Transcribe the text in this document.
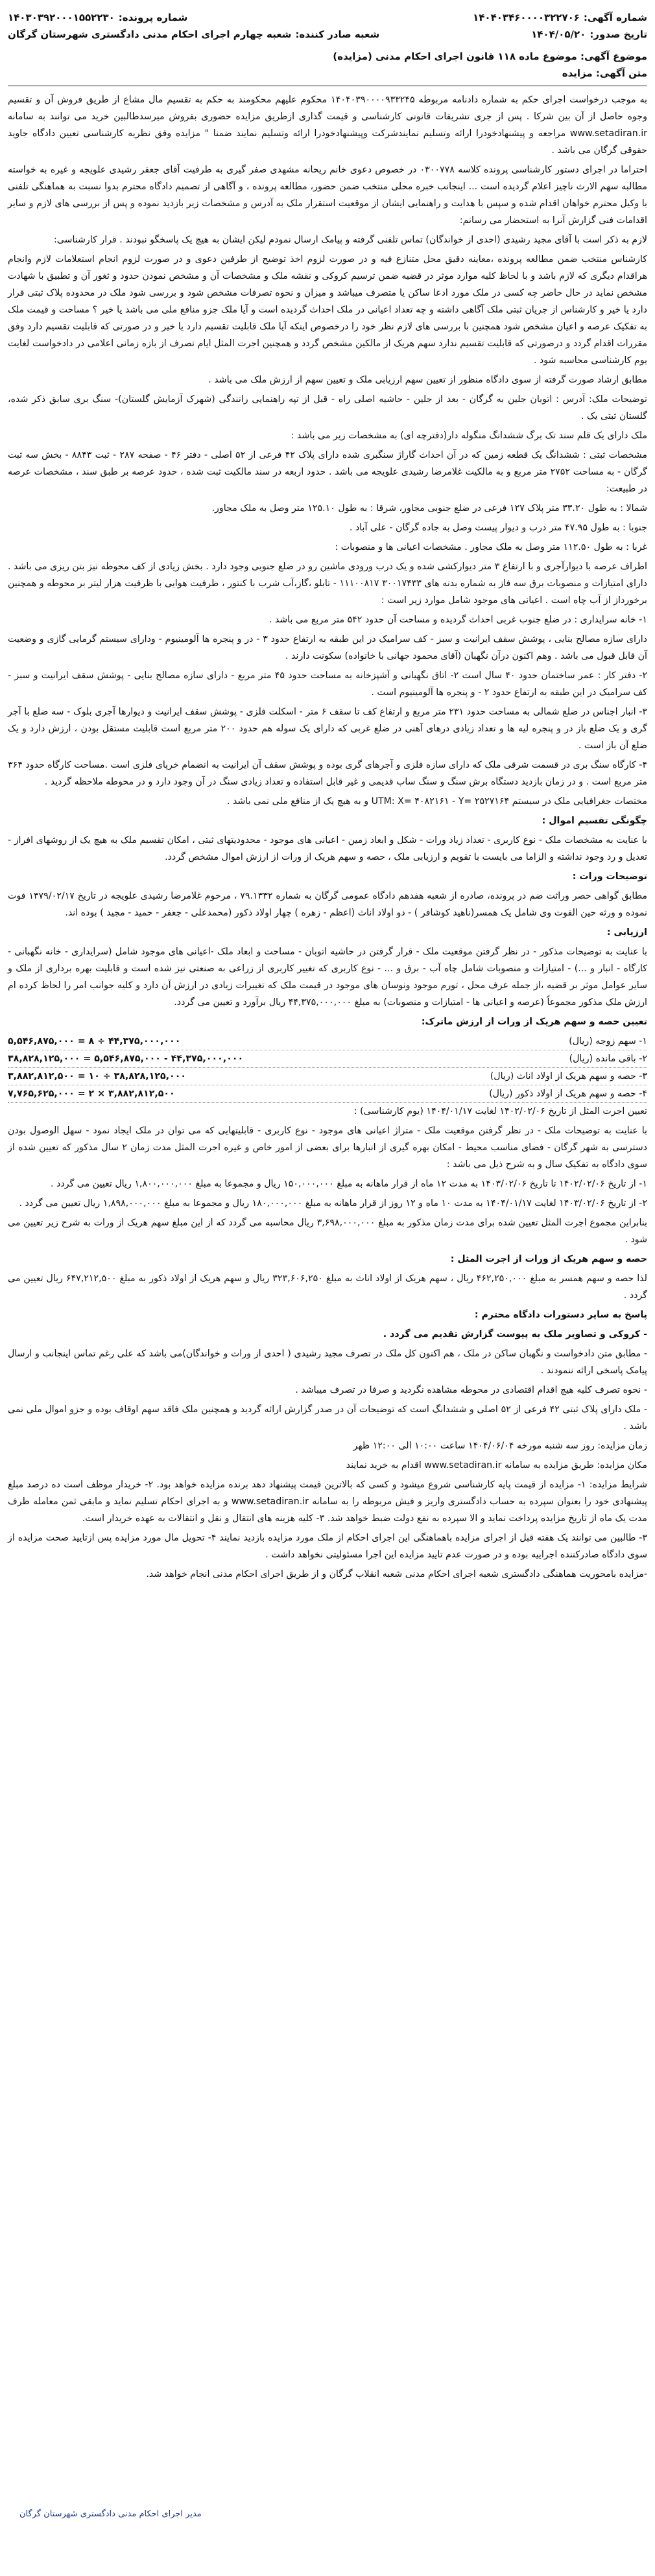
شماره آگهی:
۱۴۰۴۰۳۴۶۰۰۰۰۳۲۲۷۰۶
شماره پرونده:
۱۴۰۳۰۳۹۲۰۰۰۱۵۵۲۲۳۰
تاریخ صدور:
۱۴۰۴/۰۵/۲۰
شعبه صادر کننده:
شعبه چهارم اجرای احکام مدنی دادگستری شهرستان گرگان
موضوع آگهی: موضوع ماده ۱۱۸ قانون اجرای احکام مدنی (مزایده)
متن آگهی: مزایده

به موجب درخواست اجرای حکم به شماره دادنامه مربوطه ۱۴۰۴۰۳۹۰۰۰۰۹۳۳۲۴۵ محکوم علیهم محکومند به حکم به تقسیم مال مشاع از طریق فروش آن و تقسیم وجوه حاصل از آن بین شرکا . پس از جری تشریفات قانونی کارشناسی و قیمت گذاری ازطریق مزایده حضوری بفروش میرسدطالبین خرید می توانند به سامانه www.setadiran.ir مراجعه و پیشنهادخودرا ارائه وتسلیم نمایندشرکت وپیشنهادخودرا ارائه وتسلیم نمایند ضمنا " مزایده وفق نظریه کارشناسی تعیین دادگاه جاوید حقوقی گرگان می باشد .

احتراما در اجرای دستور کارشناسی پرونده کلاسه ۰۳۰۰۷۷۸ در خصوص دعوی خانم ریحانه مشهدی صفر گیری به طرفیت آقای جعفر رشیدی علویجه و غیره به خواسته مطالبه سهم الارث ناچیز اعلام گردیده است ... اینجانب خبره محلی منتخب ضمن حضور، مطالعه پرونده ، و آگاهی از تصمیم دادگاه محترم بدوا نسبت به هماهنگی تلفنی با وکیل محترم خواهان اقدام شده و سپس با هدایت و راهنمایی ایشان از موقعیت استقرار ملک به آدرس و مشخصات زیر بازدید نموده و پس از بررسی های لازم و سایر اقدامات فنی گزارش آنرا به استحضار می رسانم:

لازم به ذکر است با آقای مجید رشیدی (احدی از خواندگان) تماس تلفنی گرفته و پیامک ارسال نمودم لیکن ایشان به هیچ یک پاسخگو نبودند . قرار کارشناسی:

کارشناس منتخب ضمن مطالعه پرونده ،معاینه دقیق محل متنازع فیه و در صورت لزوم اخذ توضیح از طرفین دعوی و در صورت لزوم انجام استعلامات لازم وانجام هراقدام دیگری که لازم باشد و با لحاظ کلیه موارد موثر در قضیه ضمن ترسیم کروکی و نقشه ملک و مشخصات آن و مشخص نمودن حدود و ثغور آن و تطبیق با شهادت مشخص نماید در حال حاضر چه کسی در ملک مورد ادعا ساکن یا متصرف میباشد و میزان و نحوه تصرفات مشخص شود و بررسی شود ملک در محدوده پلاک ثبتی قرار دارد یا خیر و کارشناس از جریان ثبتی ملک آگاهی داشته و چه تعداد اعیانی در ملک احداث گردیده است و آیا ملک جزو منافع ملی می باشد یا خیر ؟ مساحت و قیمت ملک به تفکیک عرصه و اعیان مشخص شود همچنین با بررسی های لازم نظر خود را درخصوص اینکه آیا ملک قابلیت تقسیم دارد یا خیر و در صورتی که قابلیت تقسیم دارد وفق مقررات اقدام گردد و درصورتی که قابلیت تقسیم ندارد سهم هریک از مالکین مشخص گردد و همچنین اجرت المثل ایام تصرف از بازه زمانی اعلامی در دادخواست لغایت یوم کارشناسی محاسبه شود .

مطابق ارشاد صورت گرفته از سوی دادگاه منظور از تعیین سهم ارزیابی ملک و تعیین سهم از ارزش ملک می باشد .

توضیحات ملک: آدرس : اتوبان جلین به گرگان - بعد از جلین - حاشیه اصلی راه - قبل از تپه راهنمایی رانندگی (شهرک آزمایش گلستان)- سنگ بری سابق ذکر شده، گلستان ثبتی یک .

ملک دارای یک قلم سند تک برگ ششدانگ منگوله دار(دفترچه ای) به مشخصات زیر می باشد :

مشخصات ثبتی : ششدانگ یک قطعه زمین که در آن احداث گاراژ سنگبری شده دارای پلاک ۴۲ فرعی از ۵۲ اصلی - دفتر ۴۶ - صفحه ۲۸۷ - ثبت ۸۸۴۳ - بخش سه ثبت گرگان - به مساحت ۲۷۵۲ متر مربع و به مالکیت غلامرضا رشیدی علویجه می باشد . حدود اربعه در سند مالکیت ثبت شده ، حدود عرصه بر طبق سند ، مشخصات عرصه در طبیعت:

شمالا : به طول ۳۳.۲۰ متر پلاک ۱۲۷ فرعی در ضلع جنوبی مجاور، شرقا : به طول ۱۲۵.۱۰ متر وصل به ملک مجاور.

جنوبا : به طول ۴۷.۹۵ متر درب و دیوار پیست وصل به جاده گرگان - علی آباد .

غربا : به طول ۱۱۲.۵۰ متر وصل به ملک مجاور . مشخصات اعیانی ها و منصوبات :

اطراف عرصه با دیوارآجری و با ارتفاع ۳ متر دیوارکشی شده و یک درب ورودی ماشین رو در ضلع جنوبی وجود دارد . بخش زیادی از کف محوطه نیز بتن ریزی می باشد . دارای امتیازات و منصوبات برق سه فاز به شماره بدنه های ۳۰۰۱۷۴۳۳ ۱۱۱۰۰۸۱۷ - تابلو ،گاز،آب شرب با کنتور ، ظرفیت هوایی با ظرفیت هزار لیتر بر محوطه و همچنین برخورداز از آب چاه است . اعیانی های موجود شامل موارد زیر است :

۱- خانه سرایداری : در ضلع جنوب غربی احداث گردیده و مساحت آن حدود ۵۴۲ متر مربع می باشد .

دارای سازه مصالح بنایی ، پوشش سقف ایرانیت و سبز - کف سرامیک در این طبقه به ارتفاع حدود ۳ - در و پنجره ها آلومینیوم - ودارای سیستم گرمایی گازی و وضعیت آن قابل قبول می باشد . وهم اکنون درآن نگهبان (آقای محمود جهانی با خانواده) سکونت دارند .

۲- دفتر کار : عمر ساختمان حدود ۴۰ سال است ۲- اتاق نگهبانی و آشپزخانه به مساحت حدود ۴۵ متر مربع - دارای سازه مصالح بنایی - پوشش سقف ایرانیت و سبز - کف سرامیک در این طبقه به ارتفاع حدود ۲ - و پنجره ها آلومینیوم است .

۳- انبار اجناس در ضلع شمالی به مساحت حدود ۲۳۱ متر مربع و ارتفاع کف تا سقف ۶ متر - اسکلت فلزی - پوشش سقف ایرانیت و دیوارها آجری بلوک - سه ضلع با آجر گری و یک ضلع باز در و پنجره لیه ها و تعداد زیادی درهای آهنی در ضلع غربی که دارای یک سوله هم حدود ۲۰۰ متر مربع است قابلیت مستقل بودن ، ارزش دارد و یک ضلع آن باز است .

۴- کارگاه سنگ بری در قسمت شرقی ملک که دارای سازه فلزی و آجرهای گری بوده و پوشش سقف آن ایرانیت به انضمام خرپای فلزی است .مساحت کارگاه حدود ۳۶۴ متر مربع است . و در زمان بازدید دستگاه برش سنگ و سنگ ساب قدیمی و غیر قابل استفاده و تعداد زیادی سنگ در آن وجود دارد و در محوطه ملاحظه گردید .

مختصات جغرافیایی ملک در سیستم UTM: X= ۴۰۸۲۱۶۱ - Y= ۲۵۲۷۱۶۴ و به هیچ یک از منافع ملی نمی باشد .

چگونگی تقسیم اموال :

با عنایت به مشخصات ملک - نوع کاربری - تعداد زیاد ورات - شکل و ابعاد زمین - اعیانی های موجود - محدودیتهای ثبتی ، امکان تقسیم ملک به هیچ یک از روشهای افراز - تعدیل و رد وجود نداشته و الزاما می بایست با تقویم و ارزیابی ملک ، حصه و سهم هریک از ورات از ارزش اموال مشخص گردد.

توضیحات ورات :

مطابق گواهی حصر وراثت ضم در پرونده، صادره از شعبه هفدهم دادگاه عمومی گرگان به شماره ۷۹.۱۳۳۲ ، مرحوم غلامرضا رشیدی علویجه در تاریخ ۱۳۷۹/۰۲/۱۷ فوت نموده و ورثه حین الفوت وی شامل یک همسر(ناهید کوشافر ) - دو اولاد اناث (اعظم - زهره ) چهار اولاد ذکور (محمدعلی - جعفر - حمید - مجید ) بوده اند.

ارزیابی :

با عنایت به توضیحات مذکور - در نظر گرفتن موقعیت ملک - قرار گرفتن در حاشیه اتوبان - مساحت و ابعاد ملک -اعیانی های موجود شامل (سرایداری - خانه نگهبانی - کارگاه - انبار و ...) - امتیازات و منصوبات شامل چاه آب - برق و ... - نوع کاربری که تغییر کاربری از زراعی به صنعتی نیز شده است و قابلیت بهره برداری از ملک و سایر عوامل موثر بر قضیه ،از جمله عرف محل ، تورم موجود ونوسان های موجود در قیمت ملک که تغییرات زیادی در ارزش آن دارد و کلیه جوانب امر را لحاظ کرده ام ارزش ملک مذکور مجموعاً (عرصه و اعیانی ها - امتیازات و منصوبات) به مبلغ ۴۴,۳۷۵,۰۰۰,۰۰۰ ریال برآورد و تعیین می گردد.

تعیین حصه و سهم هریک از ورات از ارزش ماترک:

۱- سهم زوجه (ریال)
۵,۵۴۶,۸۷۵,۰۰۰ = ۸ ÷ ۴۴,۳۷۵,۰۰۰,۰۰۰
۲- باقی مانده (ریال)
۳۸,۸۲۸,۱۲۵,۰۰۰ = ۵,۵۴۶,۸۷۵,۰۰۰ - ۴۴,۳۷۵,۰۰۰,۰۰۰
۳- حصه و سهم هریک از اولاد اناث (ریال)
۳,۸۸۲,۸۱۲,۵۰۰ = ۱۰ ÷ ۳۸,۸۲۸,۱۲۵,۰۰۰
۴- حصه و سهم هریک از اولاد ذکور (ریال)
۷,۷۶۵,۶۲۵,۰۰۰ = ۲ × ۳,۸۸۲,۸۱۲,۵۰۰

تعیین اجرت المثل از تاریخ ۱۴۰۲/۰۲/۰۶ لغایت ۱۴۰۴/۰۱/۱۷ (یوم کارشناسی) :

با عنایت به توضیحات ملک - در نظر گرفتن موقعیت ملک - متراژ اعیانی های موجود - نوع کاربری - قابلیتهایی که می توان در ملک ایجاد نمود - سهل الوصول بودن دسترسی به شهر گرگان - فضای مناسب محیط - امکان بهره گیری از انبارها برای بعضی از امور خاص و غیره اجرت المثل مدت زمان ۲ سال مذکور که تعیین شده از سوی دادگاه به تفکیک سال و به شرح ذیل می باشد :

۱- از تاریخ ۱۴۰۲/۰۲/۰۶ تا تاریخ ۱۴۰۳/۰۲/۰۶ به مدت ۱۲ ماه از قرار ماهانه به مبلغ ۱۵۰,۰۰۰,۰۰۰ ریال و مجموعا به مبلغ ۱,۸۰۰,۰۰۰,۰۰۰ ریال تعیین می گردد .

۲- از تاریخ ۱۴۰۳/۰۲/۰۶ لغایت ۱۴۰۴/۰۱/۱۷ به مدت ۱۰ ماه و ۱۲ روز از قرار ماهانه به مبلغ ۱۸۰,۰۰۰,۰۰۰ ریال و مجموعا به مبلغ ۱,۸۹۸,۰۰۰,۰۰۰ ریال تعیین می گردد .

بنابراین مجموع اجرت المثل تعیین شده برای مدت زمان مذکور به مبلغ ۳,۶۹۸,۰۰۰,۰۰۰ ریال محاسبه می گردد که از این مبلغ سهم هریک از ورات به شرح زیر تعیین می شود .

حصه و سهم هریک از ورات از اجرت المثل :

لذا حصه و سهم همسر به مبلغ ۴۶۲,۲۵۰,۰۰۰ ریال ، سهم هریک از اولاد اناث به مبلغ ۳۲۳,۶۰۶,۲۵۰ ریال و سهم هریک از اولاد ذکور به مبلغ ۶۴۷,۲۱۲,۵۰۰ ریال تعیین می گردد .

پاسخ به سایر دستورات دادگاه محترم :

- کروکی و تصاویر ملک به پیوست گزارش تقدیم می گردد .

- مطابق متن دادخواست و نگهبان ساکن در ملک ، هم اکنون کل ملک در تصرف مجید رشیدی ( احدی از ورات و خواندگان)می باشد که علی رغم تماس اینجانب و ارسال پیامک پاسخی ارائه ننمودند .

- نحوه تصرف کلیه هیچ اقدام اقتصادی در محوطه مشاهده نگردید و صرفا در تصرف میباشد .

- ملک دارای پلاک ثبتی ۴۲ فرعی از ۵۲ اصلی و ششدانگ است که توضیحات آن در صدر گزارش ارائه گردید و همچنین ملک فاقد سهم اوقاف بوده و جزو اموال ملی نمی باشد .

زمان مزایده: روز سه شنبه مورخه ۱۴۰۴/۰۶/۰۴ ساعت ۱۰:۰۰ الی ۱۲:۰۰ ظهر

مکان مزایده: طریق مزایده به سامانه www.setadiran.ir اقدام به خرید نمایند

شرایط مزایده: ۱- مزایده از قیمت پایه کارشناسی شروع میشود و کسی که بالاترین قیمت پیشنهاد دهد برنده مزایده خواهد بود. ۲- خریدار موظف است ده درصد مبلغ پیشنهادی خود را بعنوان سپرده به حساب دادگستری واریز و فیش مربوطه را به سامانه www.setadiran.ir و به اجرای احکام تسلیم نماید و مابقی ثمن معامله ظرف مدت یک ماه از تاریخ مزایده پرداخت نماید و الا سپرده به نفع دولت ضبط خواهد شد. ۳- کلیه هزینه های انتقال و نقل و انتقالات به عهده خریدار است.

۳- طالبین می توانند یک هفته قبل از اجرای مزایده باهماهنگی این اجرای احکام از ملک مورد مزایده بازدید نمایند ۴- تحویل مال مورد مزایده پس ازتایید صحت مزایده از سوی دادگاه صادرکننده اجراییه بوده و در صورت عدم تایید مزایده این اجرا مسئولیتی نخواهد داشت .

-مزایده بامحوریت هماهنگی دادگستری شعبه اجرای احکام مدنی شعبه انقلاب گرگان و از طریق اجرای احکام مدنی انجام خواهد شد.

مدیر اجرای احکام مدنی دادگستری شهرستان گرگان
